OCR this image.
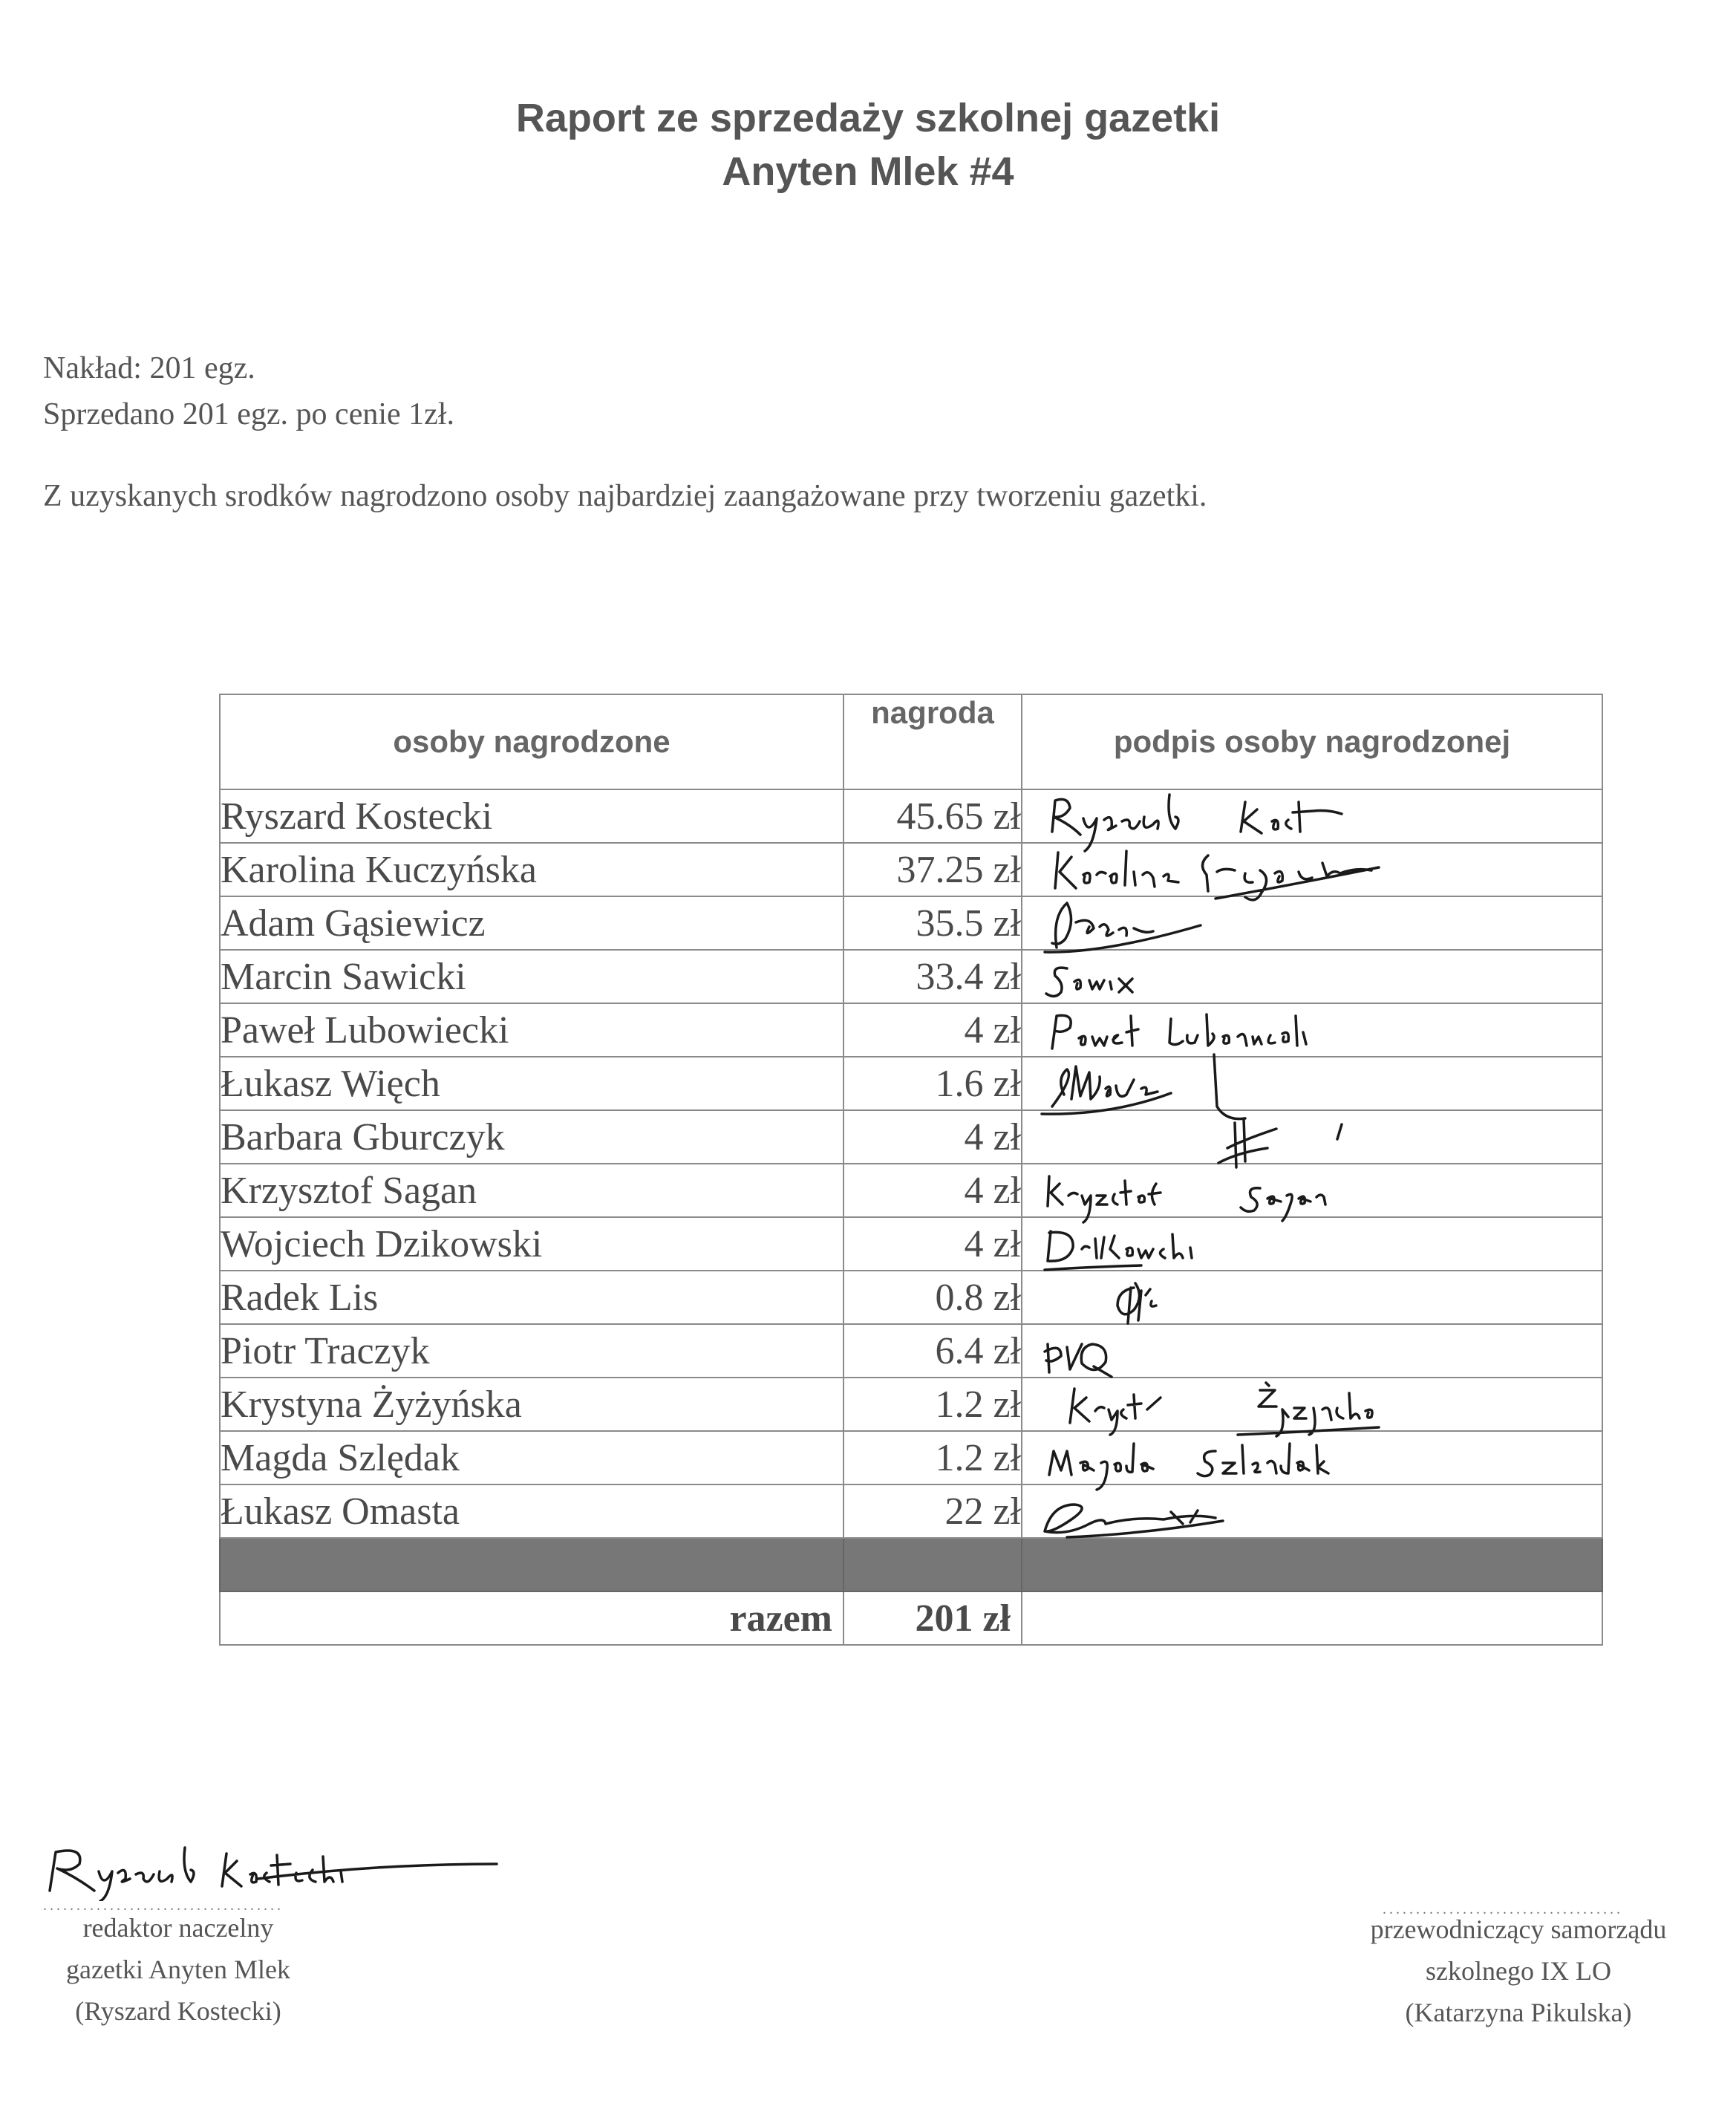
Raport ze sprzedaży szkolnej gazetki
Anyten Mlek #4
Nakład: 201 egz.
Sprzedano 201 egz. po cenie 1zł.
Z uzyskanych srodków nagrodzono osoby najbardziej zaangażowane przy tworzeniu gazetki.
osoby nagrodzone	nagroda	podpis osoby nagrodzonej
Ryszard Kostecki	45.65 zł	

Karolina Kuczyńska	37.25 zł	

Adam Gąsiewicz	35.5 zł	

Marcin Sawicki	33.4 zł	

Paweł Lubowiecki	4 zł	

Łukasz Więch	1.6 zł	

Barbara Gburczyk	4 zł	

Krzysztof Sagan	4 zł	

Wojciech Dzikowski	4 zł	

Radek Lis	0.8 zł	

Piotr Traczyk	6.4 zł	

Krystyna Żyżyńska	1.2 zł	

Magda Szlędak	1.2 zł	

Łukasz Omasta	22 zł	

razem	201 zł	
....................................
redaktor naczelny
gazetki Anyten Mlek
(Ryszard Kostecki)
....................................
przewodniczący samorządu
szkolnego IX LO
(Katarzyna Pikulska)
